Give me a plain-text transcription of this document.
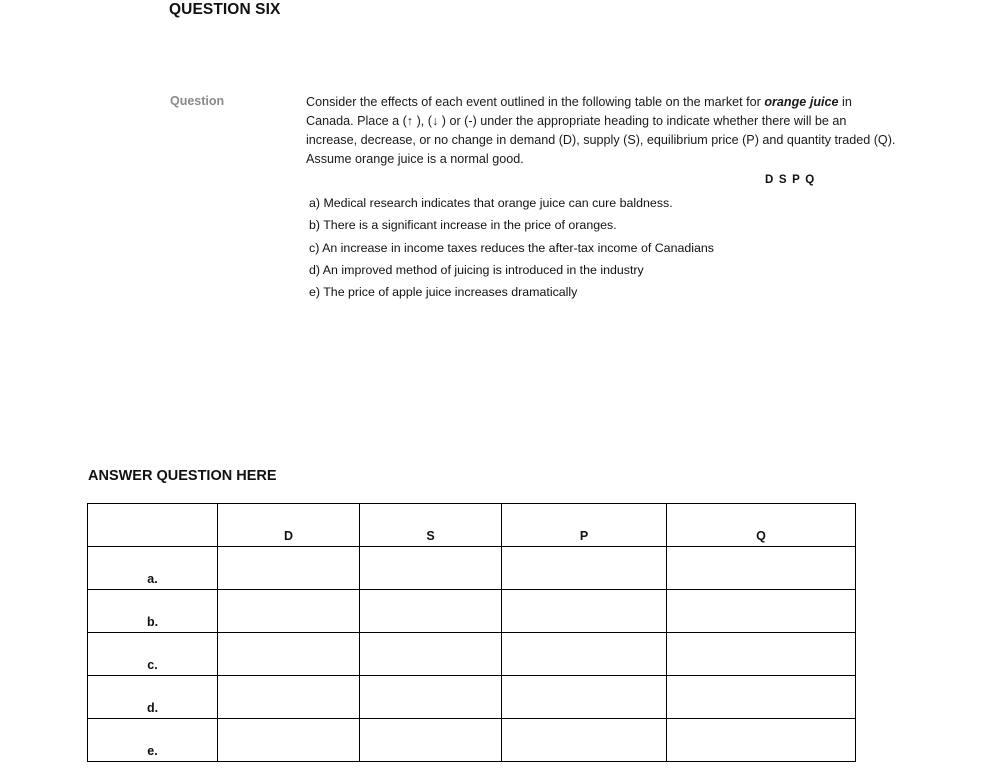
QUESTION SIX
Question	Consider the effects of each event outlined in the following table on the market for orange juice in
Canada. Place a (↑ ), (↓ ) or (-) under the appropriate heading to indicate whether there will be an
increase, decrease, or no change in demand (D), supply (S), equilibrium price (P) and quantity traded (Q).
Assume orange juice is a normal good.
D S P Q
a) Medical research indicates that orange juice can cure baldness.
b) There is a significant increase in the price of oranges.
c) An increase in income taxes reduces the after-tax income of Canadians
d) An improved method of juicing is introduced in the industry
e) The price of apple juice increases dramatically
ANSWER QUESTION HERE

	D	S	P	Q

a.				

b.				

c.				

d.				

e.				
